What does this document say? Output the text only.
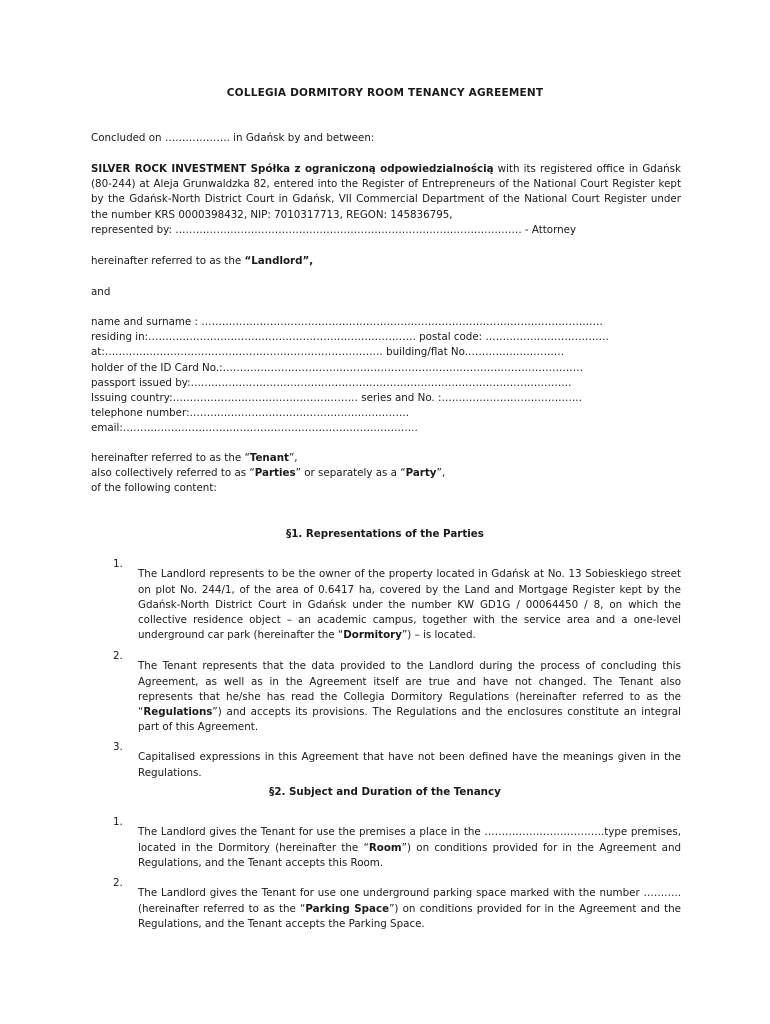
COLLEGIA DORMITORY ROOM TENANCY AGREEMENT

Concluded on ………………. in Gdańsk by and between:

SILVER ROCK INVESTMENT Spółka z ograniczoną odpowiedzialnością with its registered office in Gdańsk (80-244) at Aleja Grunwaldzka 82, entered into the Register of Entrepreneurs of the National Court Register kept by the Gdańsk-North District Court in Gdańsk, VII Commercial Department of the National Court Register under the number KRS 0000398432, NIP: 7010317713, REGON: 145836795,

represented by: ………………………………………………………………………………….……. - Attorney

hereinafter referred to as the “Landlord”,

and

name and surname : ………………………………………………………………………………………………………

residing in:…………………………………………………………………… postal code: ………………………………

at:……………………………………………………………………… building/flat No.……………………….

holder of the ID Card No.:……………………………………………………………………………………………

passport issued by:…………………………………………………………………………………………………

Issuing country:……………………………………………… series and No. :…………………………………..

telephone number:……………………………………………………….

email:…………………………………………………………………………..

hereinafter referred to as the “Tenant”,

also collectively referred to as “Parties” or separately as a “Party”,

of the following content:

§1. Representations of the Parties
1.

The Landlord represents to be the owner of the property located in Gdańsk at No. 13 Sobieskiego street on plot No. 244/1, of the area of 0.6417 ha, covered by the Land and Mortgage Register kept by the Gdańsk-North District Court in Gdańsk under the number KW GD1G / 00064450 / 8, on which the collective residence object – an academic campus, together with the service area and a one-level underground car park (hereinafter the “Dormitory”) – is located.

2.

The Tenant represents that the data provided to the Landlord during the process of concluding this Agreement, as well as in the Agreement itself are true and have not changed. The Tenant also represents that he/she has read the Collegia Dormitory Regulations (hereinafter referred to as the “Regulations”) and accepts its provisions. The Regulations and the enclosures constitute an integral part of this Agreement.

3.

Capitalised expressions in this Agreement that have not been defined have the meanings given in the Regulations.

§2. Subject and Duration of the Tenancy
1.

The Landlord gives the Tenant for use the premises a place in the ……………………………..type premises, located in the Dormitory (hereinafter the “Room”) on conditions provided for in the Agreement and Regulations, and the Tenant accepts this Room.

2.

The Landlord gives the Tenant for use one underground parking space marked with the number ……….. (hereinafter referred to as the “Parking Space”) on conditions provided for in the Agreement and the Regulations, and the Tenant accepts the Parking Space.
